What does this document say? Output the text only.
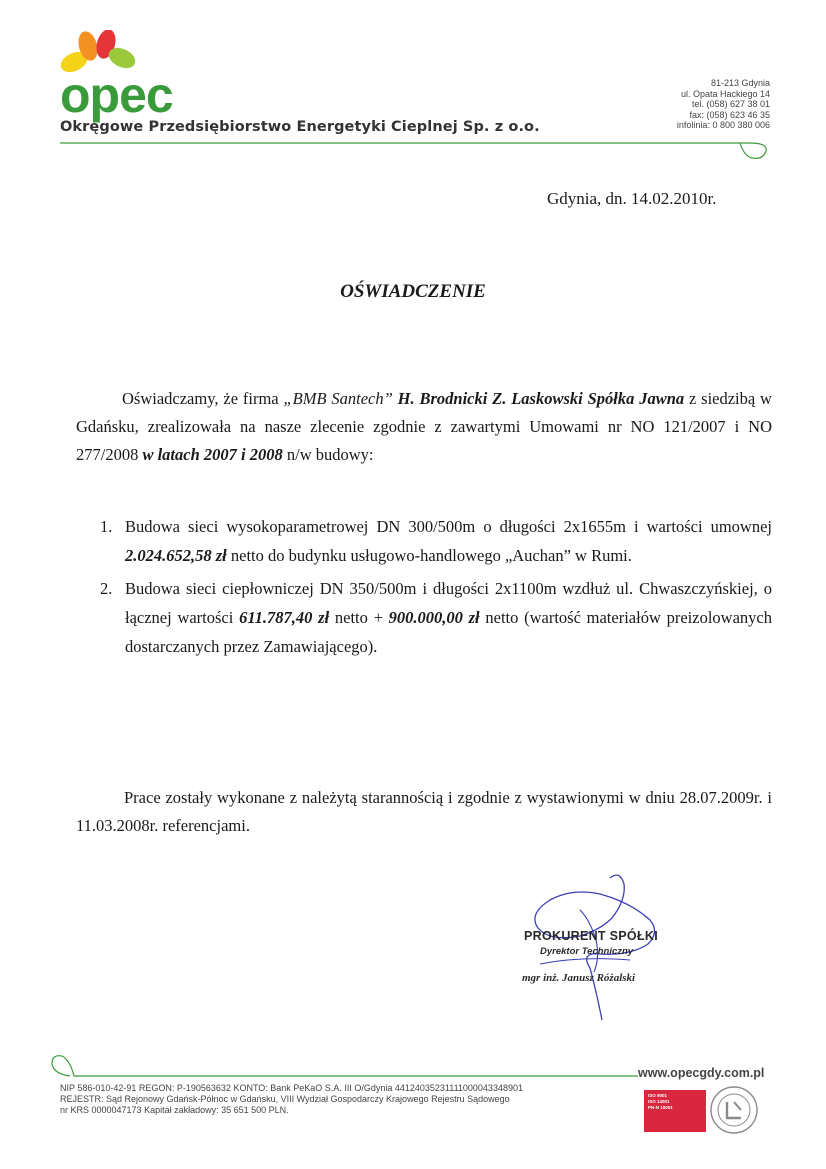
opec
Okręgowe Przedsiębiorstwo Energetyki Cieplnej Sp. z o.o.
81-213 Gdynia
ul. Opata Hackiego 14
tel. (058) 627 38 01
fax: (058) 623 46 35
infolinia: 0 800 380 006
Gdynia, dn. 14.02.2010r.
OŚWIADCZENIE
Oświadczamy, że firma „BMB Santech” H. Brodnicki Z. Laskowski Spółka Jawna z siedzibą w Gdańsku, zrealizowała na nasze zlecenie zgodnie z zawartymi Umowami nr NO 121/2007 i NO 277/2008 w latach 2007 i 2008 n/w budowy:
1. Budowa sieci wysokoparametrowej DN 300/500m o długości 2x1655m i wartości umownej 2.024.652,58 zł netto do budynku usługowo-handlowego „Auchan” w Rumi.
2. Budowa sieci ciepłowniczej DN 350/500m i długości 2x1100m wzdłuż ul. Chwaszczyńskiej, o łącznej wartości 611.787,40 zł netto + 900.000,00 zł netto (wartość materiałów preizolowanych dostarczanych przez Zamawiającego).
Prace zostały wykonane z należytą starannością i zgodnie z wystawionymi w dniu 28.07.2009r. i 11.03.2008r. referencjami.
PROKURENT SPÓŁKI
Dyrektor Techniczny
mgr inż. Janusz Różalski
www.opecgdy.com.pl
NIP 586-010-42-91 REGON: P-190563632 KONTO: Bank PeKaO S.A. III O/Gdynia 44124035231111000043348901
REJESTR: Sąd Rejonowy Gdańsk-Północ w Gdańsku, VIII Wydział Gospodarczy Krajowego Rejestru Sądowego
nr KRS 0000047173 Kapitał zakładowy: 35 651 500 PLN.
ISO 9001
ISO 14001
PN-N 18001
